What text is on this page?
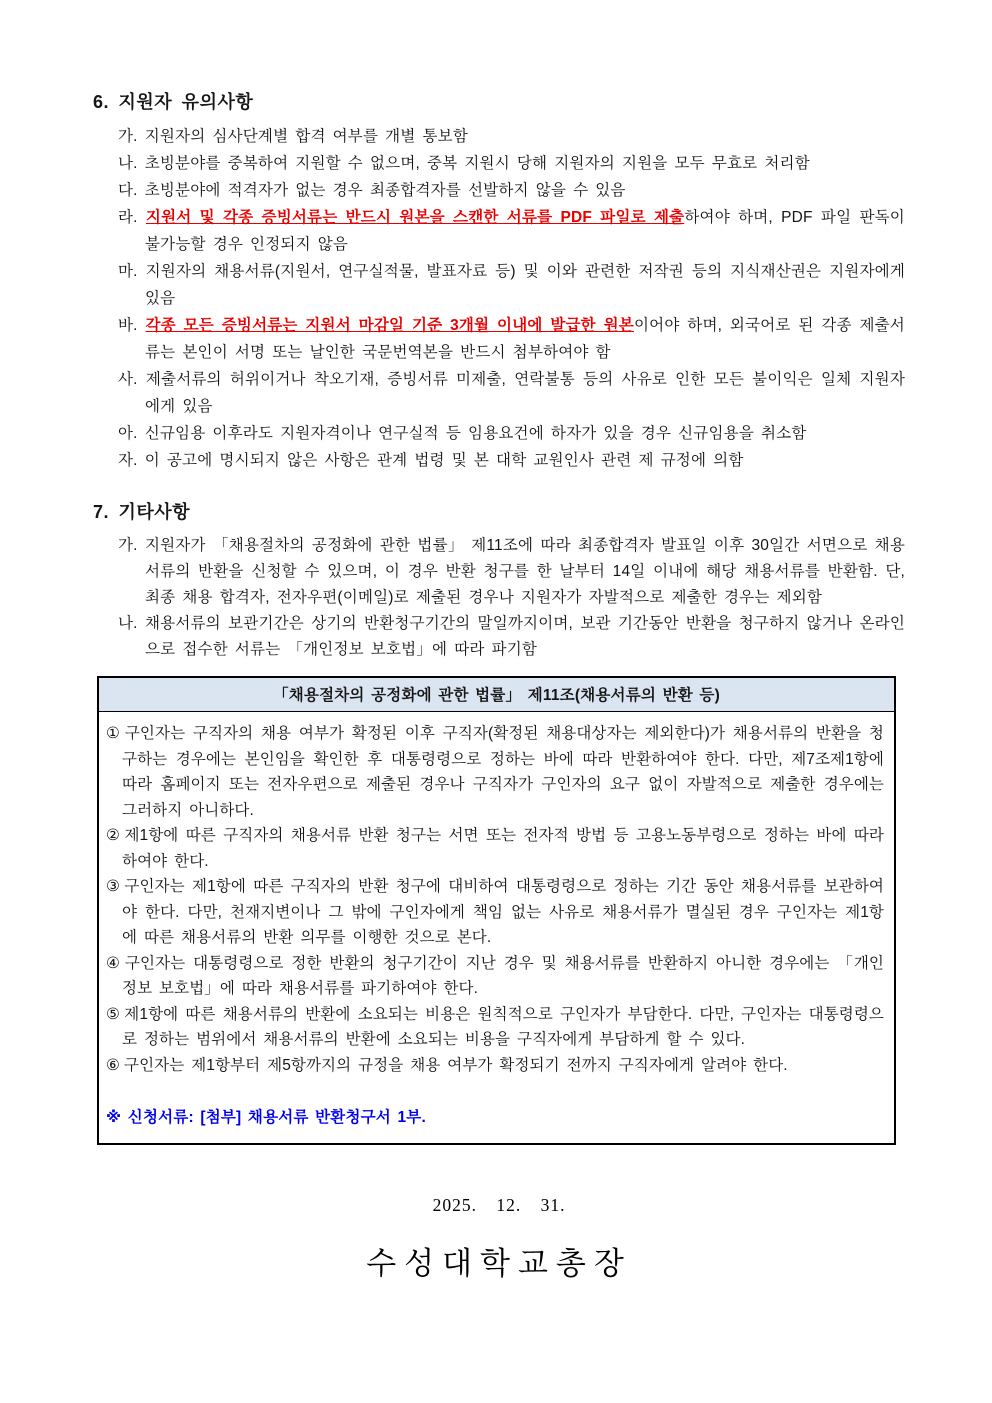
6. 지원자 유의사항
가. 지원자의 심사단계별 합격 여부를 개별 통보함
나. 초빙분야를 중복하여 지원할 수 없으며, 중복 지원시 당해 지원자의 지원을 모두 무효로 처리함
다. 초빙분야에 적격자가 없는 경우 최종합격자를 선발하지 않을 수 있음
라. 지원서 및 각종 증빙서류는 반드시 원본을 스캔한 서류를 PDF 파일로 제출하여야 하며, PDF 파일 판독이 불가능할 경우 인정되지 않음
마. 지원자의 채용서류(지원서, 연구실적물, 발표자료 등) 및 이와 관련한 저작권 등의 지식재산권은 지원자에게 있음
바. 각종 모든 증빙서류는 지원서 마감일 기준 3개월 이내에 발급한 원본이어야 하며, 외국어로 된 각종 제출서류는 본인이 서명 또는 날인한 국문번역본을 반드시 첨부하여야 함
사. 제출서류의 허위이거나 착오기재, 증빙서류 미제출, 연락불통 등의 사유로 인한 모든 불이익은 일체 지원자에게 있음
아. 신규임용 이후라도 지원자격이나 연구실적 등 임용요건에 하자가 있을 경우 신규임용을 취소함
자. 이 공고에 명시되지 않은 사항은 관계 법령 및 본 대학 교원인사 관련 제 규정에 의함
7. 기타사항
가. 지원자가 「채용절차의 공정화에 관한 법률」 제11조에 따라 최종합격자 발표일 이후 30일간 서면으로 채용서류의 반환을 신청할 수 있으며, 이 경우 반환 청구를 한 날부터 14일 이내에 해당 채용서류를 반환함. 단, 최종 채용 합격자, 전자우편(이메일)로 제출된 경우나 지원자가 자발적으로 제출한 경우는 제외함
나. 채용서류의 보관기간은 상기의 반환청구기간의 말일까지이며, 보관 기간동안 반환을 청구하지 않거나 온라인으로 접수한 서류는 「개인정보 보호법」에 따라 파기함
「채용절차의 공정화에 관한 법률」 제11조(채용서류의 반환 등)
① 구인자는 구직자의 채용 여부가 확정된 이후 구직자(확정된 채용대상자는 제외한다)가 채용서류의 반환을 청구하는 경우에는 본인임을 확인한 후 대통령령으로 정하는 바에 따라 반환하여야 한다. 다만, 제7조제1항에 따라 홈페이지 또는 전자우편으로 제출된 경우나 구직자가 구인자의 요구 없이 자발적으로 제출한 경우에는 그러하지 아니하다.
② 제1항에 따른 구직자의 채용서류 반환 청구는 서면 또는 전자적 방법 등 고용노동부령으로 정하는 바에 따라 하여야 한다.
③ 구인자는 제1항에 따른 구직자의 반환 청구에 대비하여 대통령령으로 정하는 기간 동안 채용서류를 보관하여야 한다. 다만, 천재지변이나 그 밖에 구인자에게 책임 없는 사유로 채용서류가 멸실된 경우 구인자는 제1항에 따른 채용서류의 반환 의무를 이행한 것으로 본다.
④ 구인자는 대통령령으로 정한 반환의 청구기간이 지난 경우 및 채용서류를 반환하지 아니한 경우에는 「개인정보 보호법」에 따라 채용서류를 파기하여야 한다.
⑤ 제1항에 따른 채용서류의 반환에 소요되는 비용은 원칙적으로 구인자가 부담한다. 다만, 구인자는 대통령령으로 정하는 범위에서 채용서류의 반환에 소요되는 비용을 구직자에게 부담하게 할 수 있다.
⑥ 구인자는 제1항부터 제5항까지의 규정을 채용 여부가 확정되기 전까지 구직자에게 알려야 한다.
※ 신청서류: [첨부] 채용서류 반환청구서 1부.
2025. 12. 31.
수성대학교총장
